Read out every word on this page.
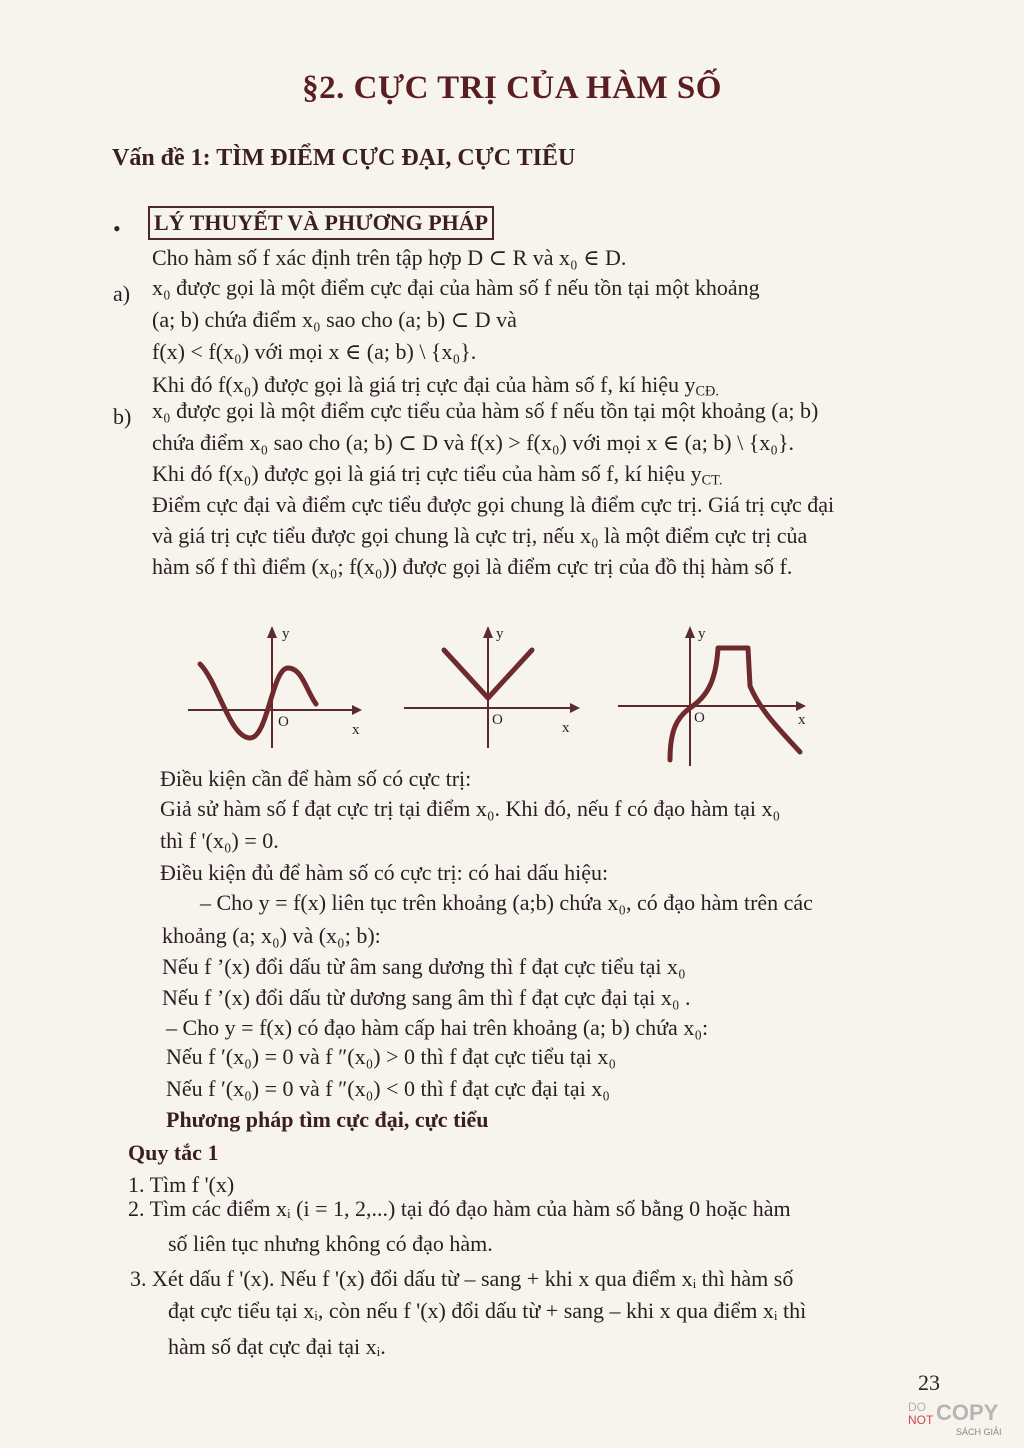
§2. CỰC TRỊ CỦA HÀM SỐ
Vấn đề 1: TÌM ĐIỂM CỰC ĐẠI, CỰC TIỂU
• LÝ THUYẾT VÀ PHƯƠNG PHÁP
Cho hàm số f xác định trên tập hợp D ⊂ R và x₀ ∈ D.
a) x₀ được gọi là một điểm cực đại của hàm số f nếu tồn tại một khoảng
(a; b) chứa điểm x₀ sao cho (a; b) ⊂ D và
f(x) < f(x₀) với mọi x ∈ (a; b) \ {x₀}.
Khi đó f(x₀) được gọi là giá trị cực đại của hàm số f, kí hiệu $y_{CĐ.}$
b) x₀ được gọi là một điểm cực tiểu của hàm số f nếu tồn tại một khoảng (a; b)
chứa điểm x₀ sao cho (a; b) ⊂ D và f(x) > f(x₀) với mọi x ∈ (a; b) \ {x₀}.
Khi đó f(x₀) được gọi là giá trị cực tiểu của hàm số f, kí hiệu $y_{CT.}$
Điểm cực đại và điểm cực tiểu được gọi chung là điểm cực trị. Giá trị cực đại
và giá trị cực tiểu được gọi chung là cực trị, nếu x₀ là một điểm cực trị của
hàm số f thì điểm (x₀; f(x₀)) được gọi là điểm cực trị của đồ thị hàm số f.
O
y
x
O
y
x
O
y
x
Điều kiện cần để hàm số có cực trị:
Giả sử hàm số f đạt cực trị tại điểm x₀. Khi đó, nếu f có đạo hàm tại x₀
thì f '(x₀) = 0.
Điều kiện đủ để hàm số có cực trị: có hai dấu hiệu:
– Cho y = f(x) liên tục trên khoảng (a;b) chứa x₀, có đạo hàm trên các
khoảng (a; x₀) và (x₀; b):
Nếu f ’(x) đổi dấu từ âm sang dương thì f đạt cực tiểu tại x₀
Nếu f ’(x) đổi dấu từ dương sang âm thì f đạt cực đại tại x₀ .
– Cho y = f(x) có đạo hàm cấp hai trên khoảng (a; b) chứa x₀:
Nếu f ′(x₀) = 0 và f ″(x₀) > 0 thì f đạt cực tiểu tại x₀
Nếu f ′(x₀) = 0 và f ″(x₀) < 0 thì f đạt cực đại tại x₀
Phương pháp tìm cực đại, cực tiểu
Quy tắc 1
1. Tìm f '(x)
2. Tìm các điểm xᵢ (i = 1, 2,...) tại đó đạo hàm của hàm số bằng 0 hoặc hàm
số liên tục nhưng không có đạo hàm.
3. Xét dấu f '(x). Nếu f '(x) đổi dấu từ – sang + khi x qua điểm xᵢ thì hàm số
đạt cực tiểu tại xᵢ, còn nếu f '(x) đổi dấu từ + sang – khi x qua điểm xᵢ thì
hàm số đạt cực đại tại xᵢ.
23
DO
NOT COPY
SÁCH GIẢI
